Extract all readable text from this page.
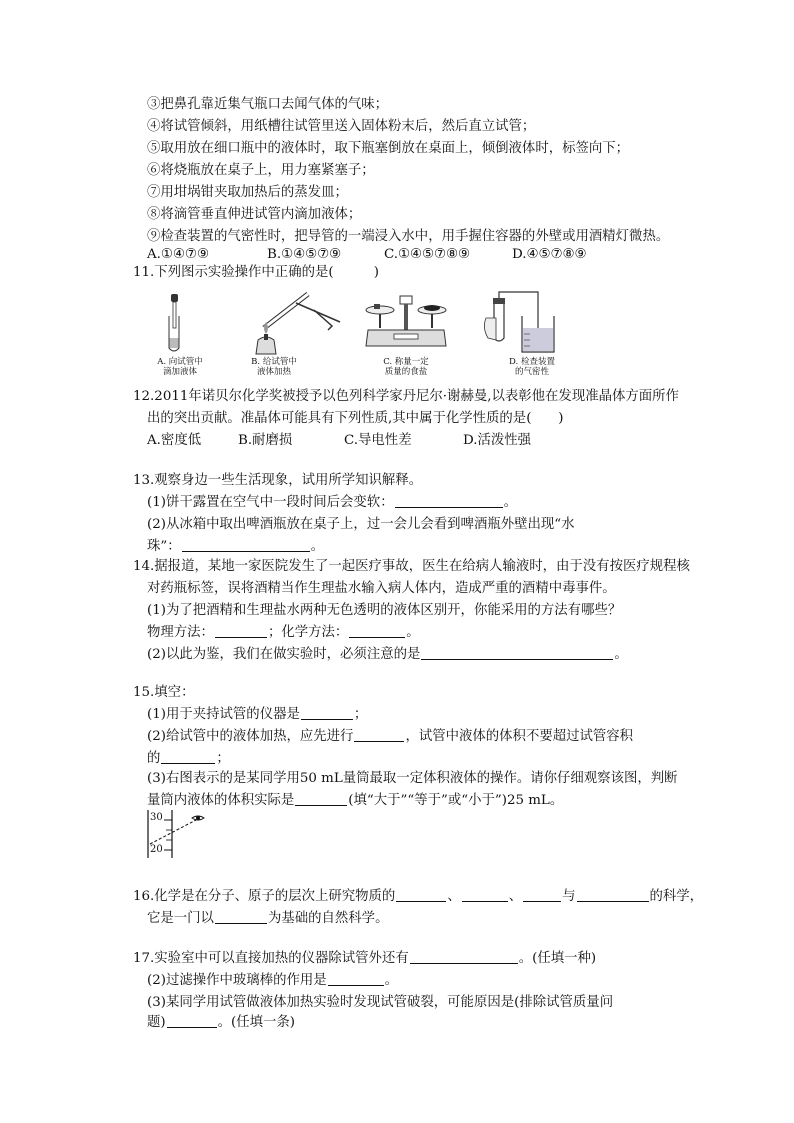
③把鼻孔靠近集气瓶口去闻气体的气味；
④将试管倾斜，用纸槽往试管里送入固体粉末后，然后直立试管；
⑤取用放在细口瓶中的液体时，取下瓶塞倒放在桌面上，倾倒液体时，标签向下；
⑥将烧瓶放在桌子上，用力塞紧塞子；
⑦用坩埚钳夹取加热后的蒸发皿；
⑧将滴管垂直伸进试管内滴加液体；
⑨检查装置的气密性时，把导管的一端浸入水中，用手握住容器的外壁或用酒精灯微热。
A.①④⑦⑨	B.①④⑤⑦⑨	C.①④⑤⑦⑧⑨	D.④⑤⑦⑧⑨
11.下列图示实验操作中正确的是(　　　)
A. 向试管中
滴加液体
B. 给试管中
液体加热
C. 称量一定
质量的食盐
D. 检查装置
的气密性
12.2011年诺贝尔化学奖被授予以色列科学家丹尼尔·谢赫曼,以表彰他在发现准晶体方面所作
出的突出贡献。准晶体可能具有下列性质,其中属于化学性质的是(　　)
A.密度低	B.耐磨损	C.导电性差	D.活泼性强
13.观察身边一些生活现象，试用所学知识解释。
(1)饼干露置在空气中一段时间后会变软：	。
(2)从冰箱中取出啤酒瓶放在桌子上，过一会儿会看到啤酒瓶外壁出现“水
珠”：	。
14.据报道，某地一家医院发生了一起医疗事故，医生在给病人输液时，由于没有按医疗规程核
对药瓶标签，误将酒精当作生理盐水输入病人体内，造成严重的酒精中毒事件。
(1)为了把酒精和生理盐水两种无色透明的液体区别开，你能采用的方法有哪些？
物理方法：	；化学方法：	。
(2)以此为鉴，我们在做实验时，必须注意的是	。
15.填空：
(1)用于夹持试管的仪器是	；
(2)给试管中的液体加热，应先进行	，试管中液体的体积不要超过试管容积
的	；
(3)右图表示的是某同学用50 mL量筒最取一定体积液体的操作。请你仔细观察该图，判断
量筒内液体的体积实际是	(填“大于”“等于”或“小于”)25 mL。
30
20
16.化学是在分子、原子的层次上研究物质的	、	、	与	的科学，
它是一门以	为基础的自然科学。
17.实验室中可以直接加热的仪器除试管外还有	。(任填一种)
(2)过滤操作中玻璃棒的作用是	。
(3)某同学用试管做液体加热实验时发现试管破裂，可能原因是(排除试管质量问
题)	。(任填一条)
